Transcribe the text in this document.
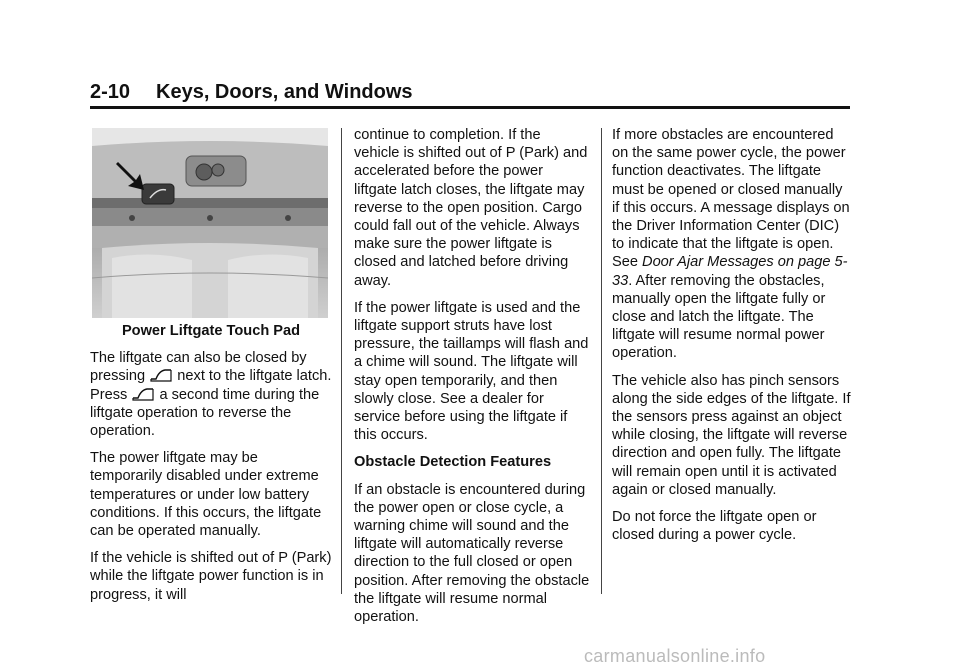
2-10 Keys, Doors, and Windows
Power Liftgate Touch Pad

The liftgate can also be closed by pressing next to the liftgate latch. Press a second time during the liftgate operation to reverse the operation.

The power liftgate may be temporarily disabled under extreme temperatures or under low battery conditions. If this occurs, the liftgate can be operated manually.

If the vehicle is shifted out of P (Park) while the liftgate power function is in progress, it will

continue to completion. If the vehicle is shifted out of P (Park) and accelerated before the power liftgate latch closes, the liftgate may reverse to the open position. Cargo could fall out of the vehicle. Always make sure the power liftgate is closed and latched before driving away.

If the power liftgate is used and the liftgate support struts have lost pressure, the taillamps will flash and a chime will sound. The liftgate will stay open temporarily, and then slowly close. See a dealer for service before using the liftgate if this occurs.

Obstacle Detection Features

If an obstacle is encountered during the power open or close cycle, a warning chime will sound and the liftgate will automatically reverse direction to the full closed or open position. After removing the obstacle the liftgate will resume normal operation.

If more obstacles are encountered on the same power cycle, the power function deactivates. The liftgate must be opened or closed manually if this occurs. A message displays on the Driver Information Center (DIC) to indicate that the liftgate is open. See Door Ajar Messages on page 5-33. After removing the obstacles, manually open the liftgate fully or close and latch the liftgate. The liftgate will resume normal power operation.

The vehicle also has pinch sensors along the side edges of the liftgate. If the sensors press against an object while closing, the liftgate will reverse direction and open fully. The liftgate will remain open until it is activated again or closed manually.

Do not force the liftgate open or closed during a power cycle.

carmanualsonline.info
